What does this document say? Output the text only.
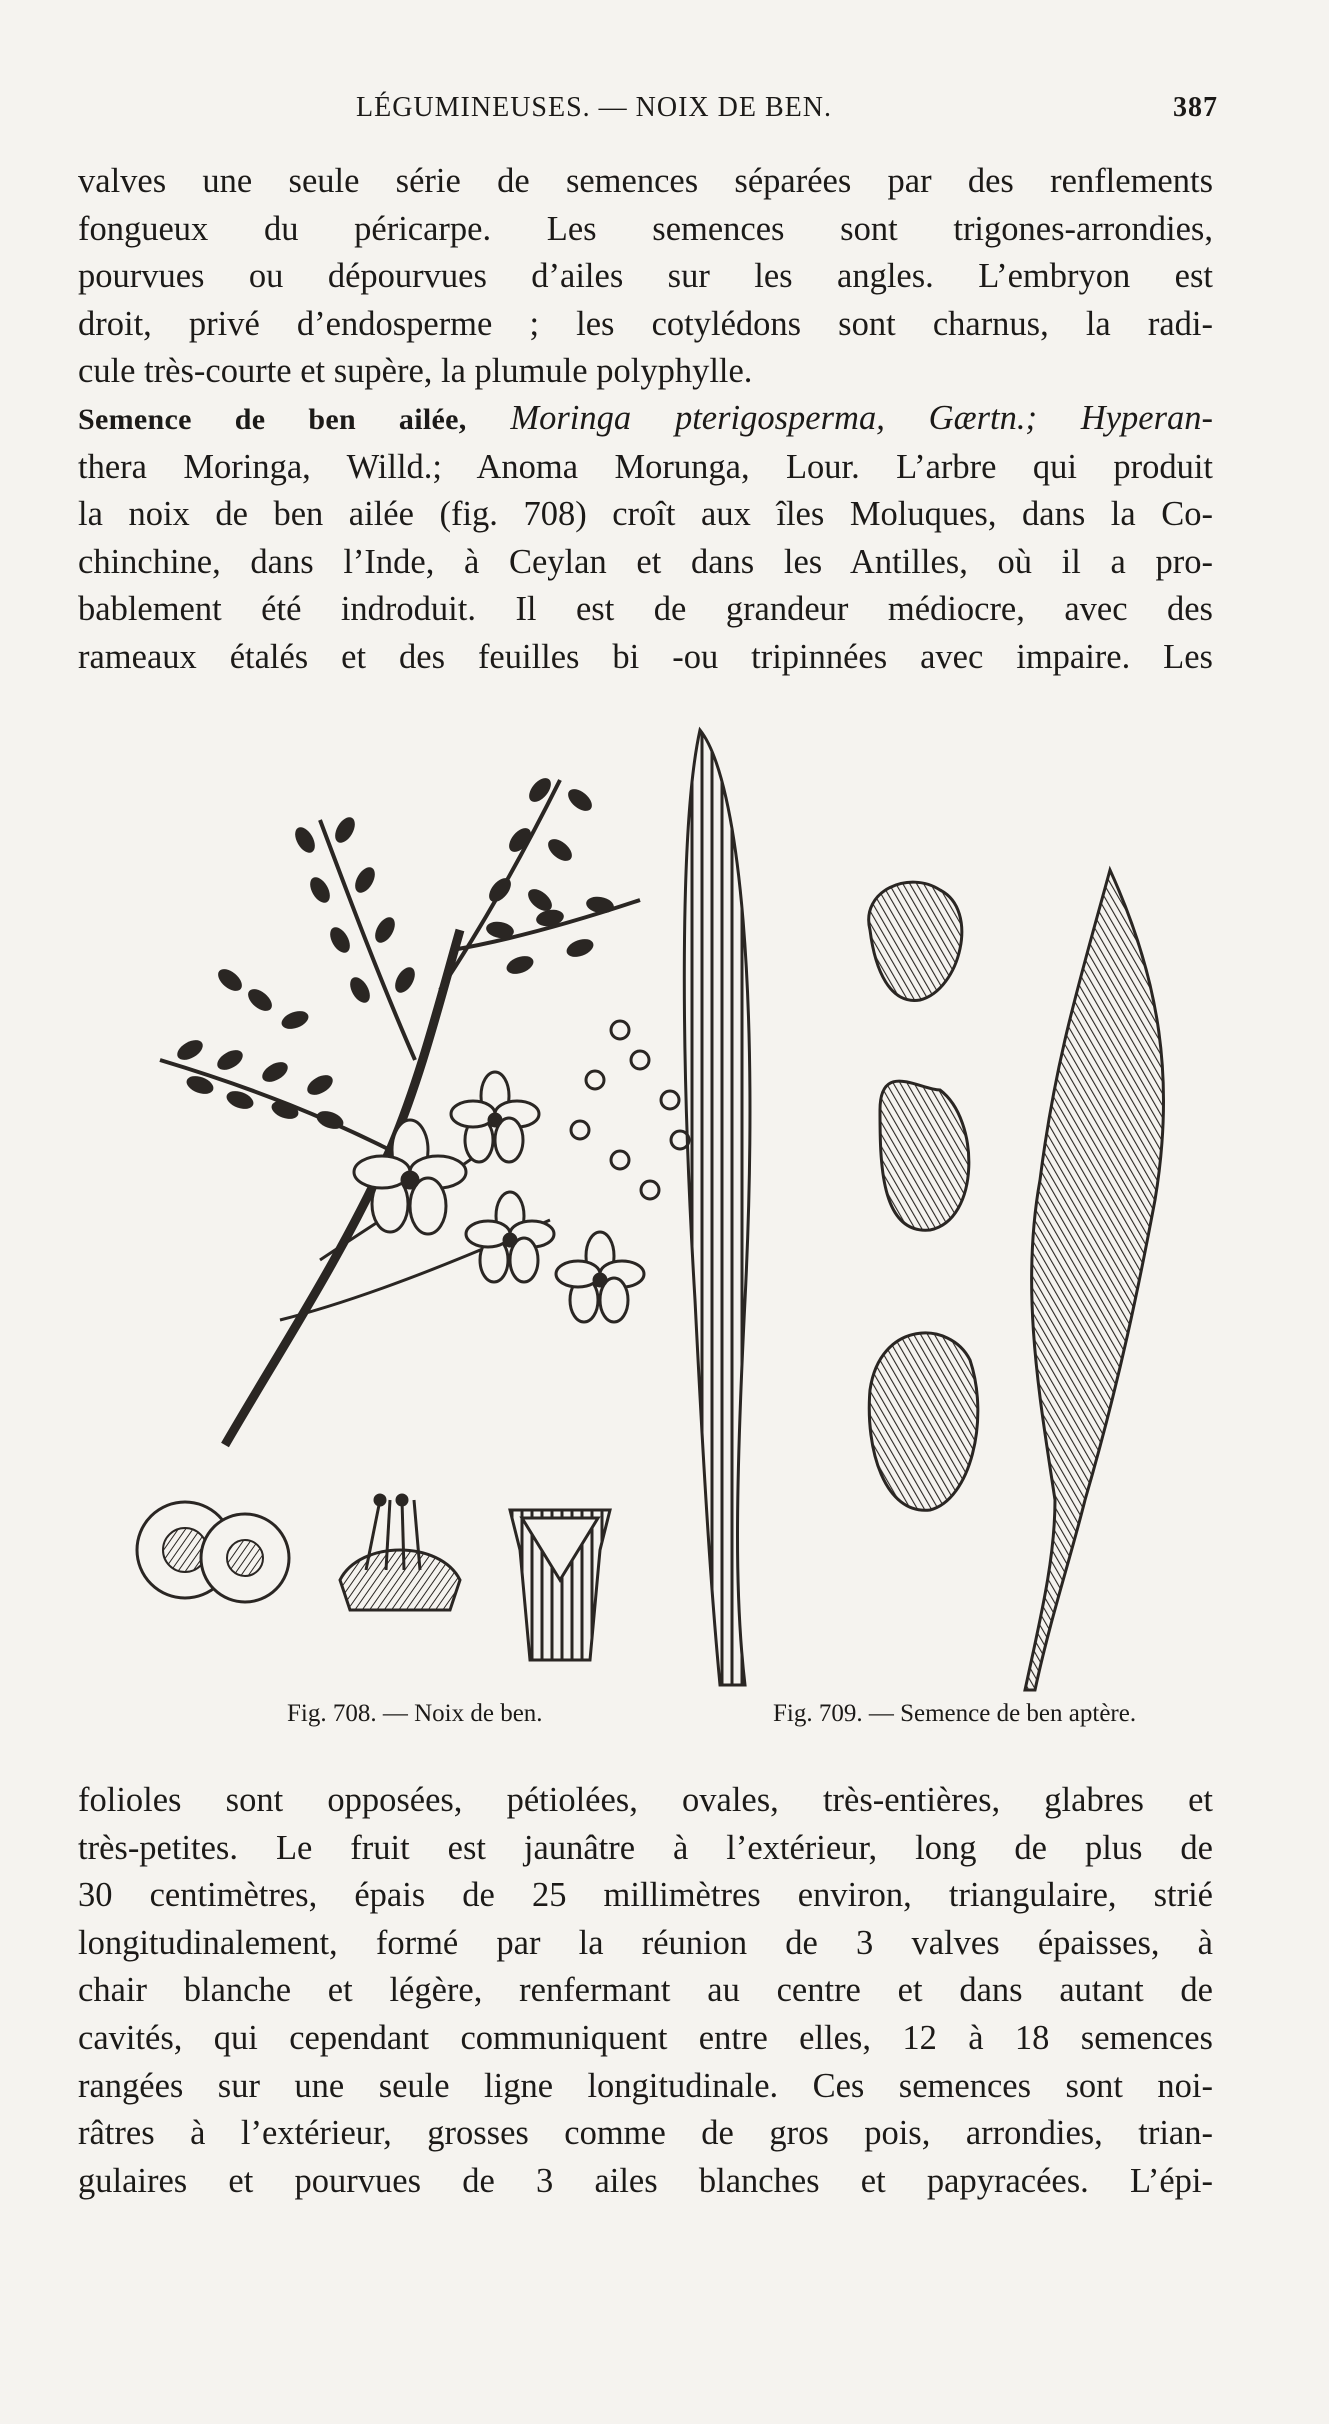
LÉGUMINEUSES. — NOIX DE BEN.	387
valves une seule série de semences séparées par des renflements
fongueux du péricarpe. Les semences sont trigones-arrondies,
pourvues ou dépourvues d’ailes sur les angles. L’embryon est
droit, privé d’endosperme ; les cotylédons sont charnus, la radi-
cule très-courte et supère, la plumule polyphylle.
Semence de ben ailée, Moringa pterigosperma, Gærtn.; Hyperan-
thera Moringa, Willd.; Anoma Morunga, Lour. L’arbre qui produit
la noix de ben ailée (fig. 708) croît aux îles Moluques, dans la Co-
chinchine, dans l’Inde, à Ceylan et dans les Antilles, où il a pro-
bablement été indroduit. Il est de grandeur médiocre, avec des
rameaux étalés et des feuilles bi -ou tripinnées avec impaire. Les
Fig. 708. — Noix de ben.	Fig. 709. — Semence de ben aptère.
folioles sont opposées, pétiolées, ovales, très-entières, glabres et
très-petites. Le fruit est jaunâtre à l’extérieur, long de plus de
30 centimètres, épais de 25 millimètres environ, triangulaire, strié
longitudinalement, formé par la réunion de 3 valves épaisses, à
chair blanche et légère, renfermant au centre et dans autant de
cavités, qui cependant communiquent entre elles, 12 à 18 semences
rangées sur une seule ligne longitudinale. Ces semences sont noi-
râtres à l’extérieur, grosses comme de gros pois, arrondies, trian-
gulaires et pourvues de 3 ailes blanches et papyracées. L’épi-
